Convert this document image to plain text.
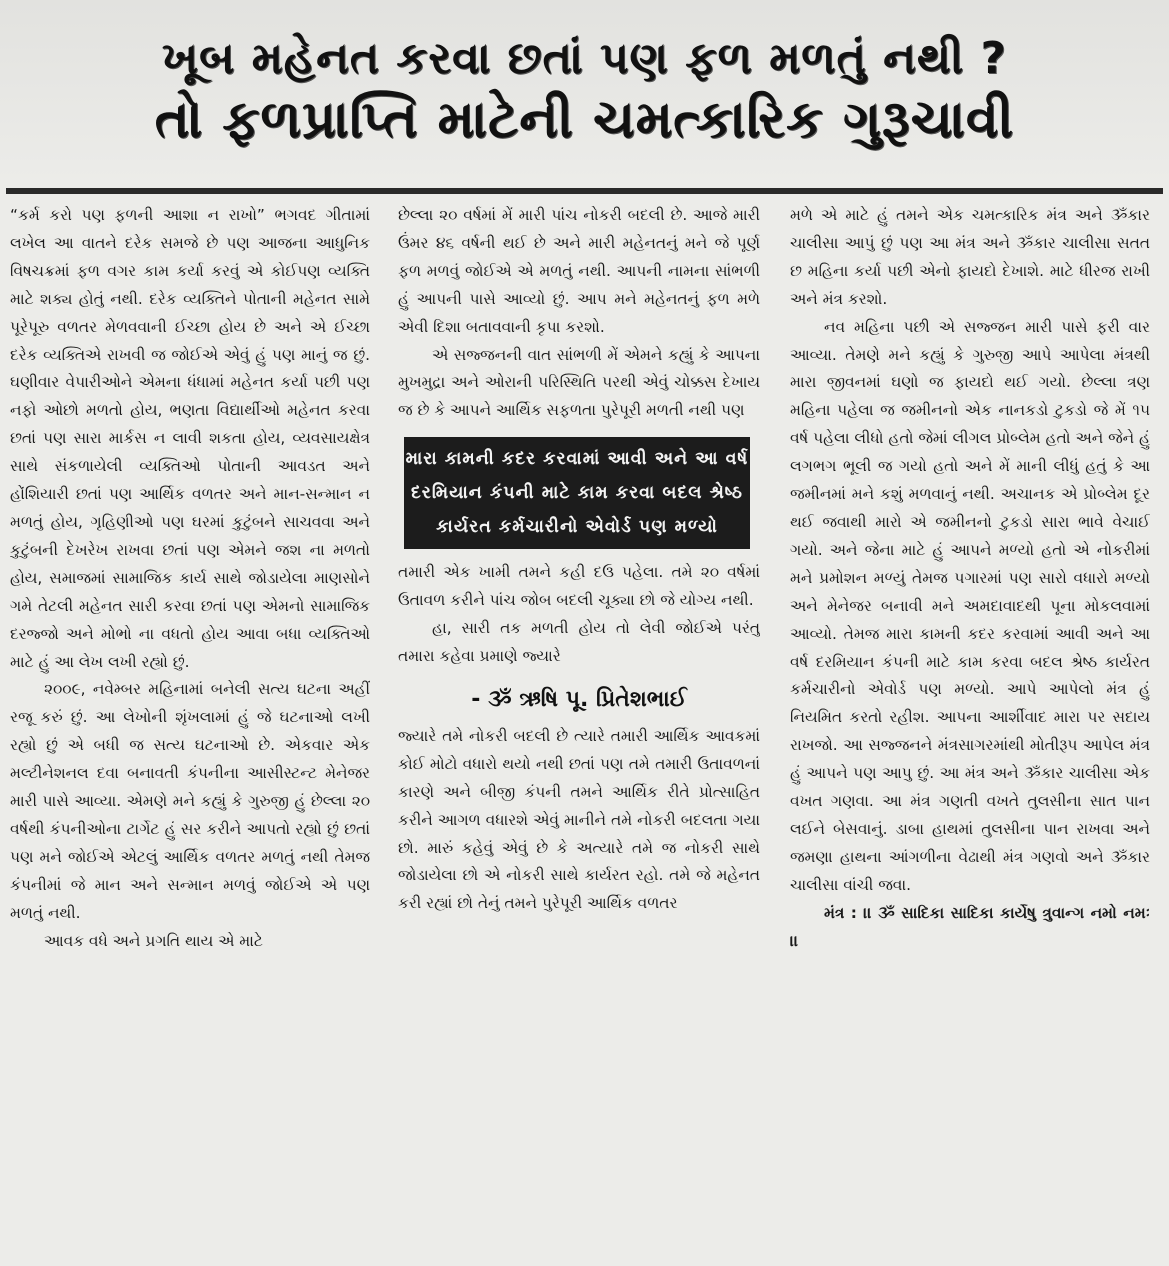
ખૂબ મહેનત કરવા છતાં પણ ફળ મળતું નથી ?
તો ફળપ્રાપ્તિ માટેની ચમત્કારિક ગુરૂચાવી

“કર્મ કરો પણ ફળની આશા ન રાખો” ભગવદ ગીતામાં લખેલ આ વાતને દરેક સમજે છે પણ આજના આધુનિક વિષચક્રમાં ફળ વગર કામ કર્યા કરવું એ કોઈપણ વ્યક્તિ માટે શક્ય હોતું નથી. દરેક વ્યક્તિને પોતાની મહેનત સામે પૂરેપૂરુ વળતર મેળવવાની ઈચ્છા હોય છે અને એ ઈચ્છા દરેક વ્યક્તિએ રાખવી જ જોઈએ એવું હું પણ માનું જ છું. ઘણીવાર વેપારીઓને એમના ધંધામાં મહેનત કર્યા પછી પણ નફો ઓછો મળતો હોય, ભણતા વિદ્યાર્થીઓ મહેનત કરવા છતાં પણ સારા માર્કસ ન લાવી શકતા હોય, વ્યવસાયક્ષેત્ર સાથે સંકળાયેલી વ્યક્તિઓ પોતાની આવડત અને હોંશિયારી છતાં પણ આર્થિક વળતર અને માન-સન્માન ન મળતું હોય, ગૃહિણીઓ પણ ઘરમાં કુટુંબને સાચવવા અને કુટુંબની દેખરેખ રાખવા છતાં પણ એમને જશ ના મળતો હોય, સમાજમાં સામાજિક કાર્ય સાથે જોડાયેલા માણસોને ગમે તેટલી મહેનત સારી કરવા છતાં પણ એમનો સામાજિક દરજ્જો અને મોભો ના વધતો હોય આવા બધા વ્યક્તિઓ માટે હું આ લેખ લખી રહ્યો છું.

૨૦૦૯, નવેમ્બર મહિનામાં બનેલી સત્ય ઘટના અહીં રજૂ કરું છું. આ લેખોની શૃંખલામાં હું જે ઘટનાઓ લખી રહ્યો છું એ બધી જ સત્ય ઘટનાઓ છે. એકવાર એક મલ્ટીનેશનલ દવા બનાવતી કંપનીના આસીસ્ટન્ટ મેનેજર મારી પાસે આવ્યા. એમણે મને કહ્યું કે ગુરુજી હું છેલ્લા ૨૦ વર્ષથી કંપનીઓના ટાર્ગેટ હું સર કરીને આપતો રહ્યો છું છતાં પણ મને જોઈએ એટલું આર્થિક વળતર મળતું નથી તેમજ કંપનીમાં જે માન અને સન્માન મળવું જોઈએ એ પણ મળતું નથી.

આવક વધે અને પ્રગતિ થાય એ માટે

છેલ્લા ૨૦ વર્ષમાં મેં મારી પાંચ નોકરી બદલી છે. આજે મારી ઉંમર ૪૬ વર્ષની થઈ છે અને મારી મહેનતનું મને જે પૂર્ણ ફળ મળવું જોઈએ એ મળતું નથી. આપની નામના સાંભળી હું આપની પાસે આવ્યો છું. આપ મને મહેનતનું ફળ મળે એવી દિશા બતાવવાની કૃપા કરશો.

એ સજ્જનની વાત સાંભળી મેં એમને કહ્યું કે આપના મુખમુદ્રા અને ઓરાની પરિસ્થિતિ પરથી એવું ચોક્કસ દેખાય જ છે કે આપને આર્થિક સફળતા પુરેપૂરી મળતી નથી પણ

મારા કામની કદર કરવામાં આવી અને આ વર્ષ દરમિયાન કંપની માટે કામ કરવા બદલ શ્રેષ્ઠ કાર્યરત કર્મચારીનો એવોર્ડ પણ મળ્યો

તમારી એક ખામી તમને કહી દઉ પહેલા. તમે ૨૦ વર્ષમાં ઉતાવળ કરીને પાંચ જોબ બદલી ચૂક્યા છો જે યોગ્ય નથી.

હા, સારી તક મળતી હોય તો લેવી જોઈએ પરંતુ તમારા કહેવા પ્રમાણે જ્યારે

- ૐ ઋષિ પૂ. પ્રિતેશભાઈ

જ્યારે તમે નોકરી બદલી છે ત્યારે તમારી આર્થિક આવકમાં કોઈ મોટો વધારો થયો નથી છતાં પણ તમે તમારી ઉતાવળનાં કારણે અને બીજી કંપની તમને આર્થિક રીતે પ્રોત્સાહિત કરીને આગળ વધારશે એવું માનીને તમે નોકરી બદલતા ગયા છો. મારું કહેવું એવું છે કે અત્યારે તમે જ નોકરી સાથે જોડાયેલા છો એ નોકરી સાથે કાર્યરત રહો. તમે જે મહેનત કરી રહ્યાં છો તેનું તમને પુરેપૂરી આર્થિક વળતર

મળે એ માટે હું તમને એક ચમત્કારિક મંત્ર અને ૐકાર ચાલીસા આપું છું પણ આ મંત્ર અને ૐકાર ચાલીસા સતત છ મહિના કર્યા પછી એનો ફાયદો દેખાશે. માટે ધીરજ રાખી અને મંત્ર કરશો.

નવ મહિના પછી એ સજ્જન મારી પાસે ફરી વાર આવ્યા. તેમણે મને કહ્યું કે ગુરુજી આપે આપેલા મંત્રથી મારા જીવનમાં ઘણો જ ફાયદો થઈ ગયો. છેલ્લા ત્રણ મહિના પહેલા જ જમીનનો એક નાનકડો ટુકડો જે મેં ૧૫ વર્ષ પહેલા લીધો હતો જેમાં લીગલ પ્રોબ્લેમ હતો અને જેને હું લગભગ ભૂલી જ ગયો હતો અને મેં માની લીધું હતું કે આ જમીનમાં મને કશું મળવાનું નથી. અચાનક એ પ્રોબ્લેમ દૂર થઈ જવાથી મારો એ જમીનનો ટુકડો સારા ભાવે વેચાઈ ગયો. અને જેના માટે હું આપને મળ્યો હતો એ નોકરીમાં મને પ્રમોશન મળ્યું તેમજ પગારમાં પણ સારો વધારો મળ્યો અને મેનેજર બનાવી મને અમદાવાદથી પૂના મોકલવામાં આવ્યો. તેમજ મારા કામની કદર કરવામાં આવી અને આ વર્ષ દરમિયાન કંપની માટે કામ કરવા બદલ શ્રેષ્ઠ કાર્યરત કર્મચારીનો એવોર્ડ પણ મળ્યો. આપે આપેલો મંત્ર હું નિયમિત કરતો રહીશ. આપના આર્શીવાદ મારા પર સદાય રાખજો. આ સજ્જનને મંત્રસાગરમાંથી મોતીરૂપ આપેલ મંત્ર હું આપને પણ આપુ છું. આ મંત્ર અને ૐકાર ચાલીસા એક વખત ગણવા. આ મંત્ર ગણતી વખતે તુલસીના સાત પાન લઈને બેસવાનું. ડાબા હાથમાં તુલસીના પાન રાખવા અને જમણા હાથના આંગળીના વેઢાથી મંત્ર ગણવો અને ૐકાર ચાલીસા વાંચી જવા.

મંત્ર : ।। ૐ સાદિકા સાદિકા કાર્યેષુ ત્રુવાન્ગ નમો નમઃ ।।
